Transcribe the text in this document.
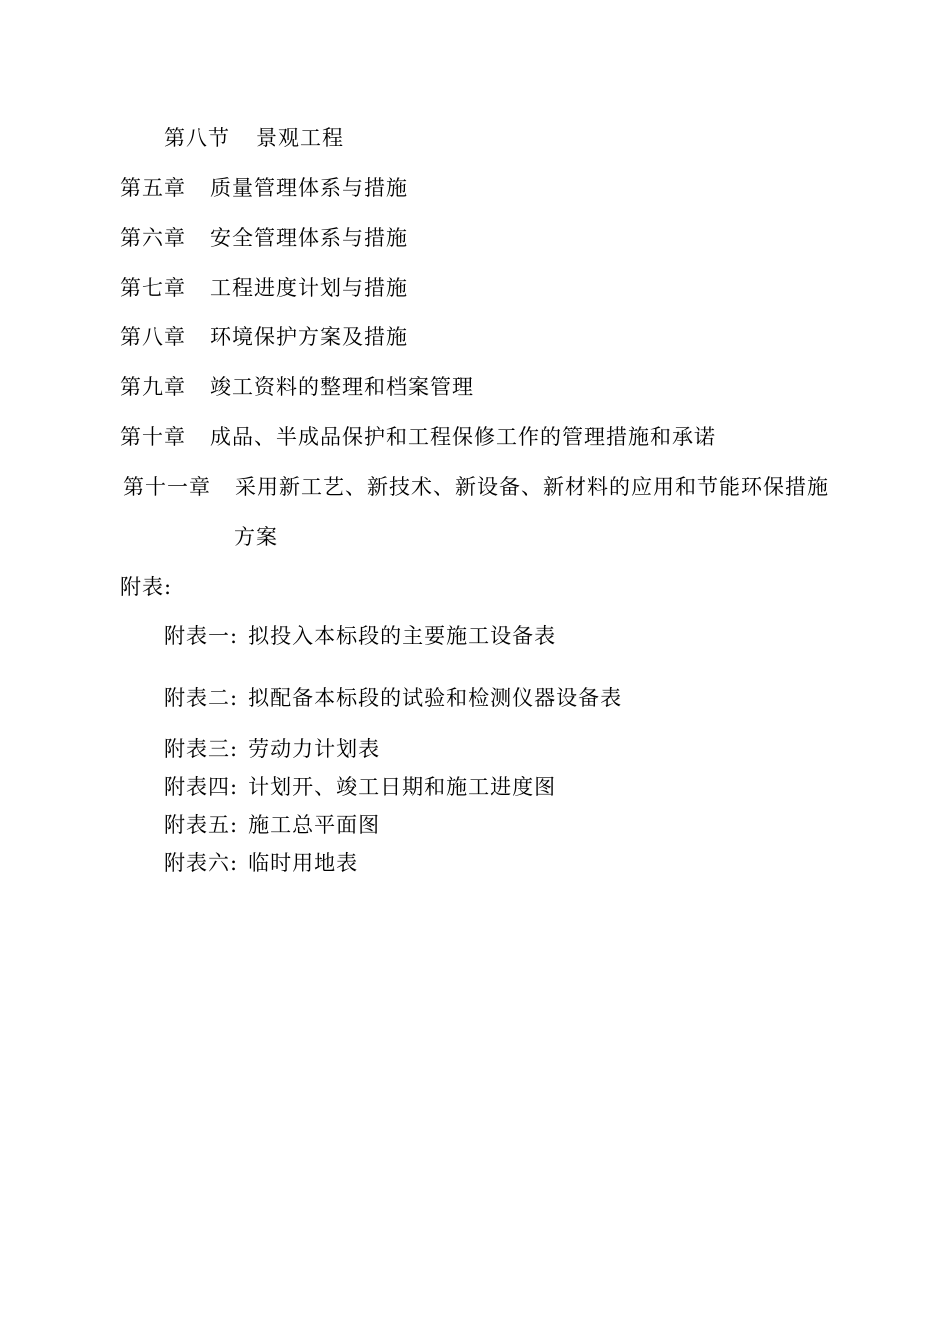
第八节 景观工程
第五章 质量管理体系与措施
第六章 安全管理体系与措施
第七章 工程进度计划与措施
第八章 环境保护方案及措施
第九章 竣工资料的整理和档案管理
第十章 成品、半成品保护和工程保修工作的管理措施和承诺
第十一章 采用新工艺、新技术、新设备、新材料的应用和节能环保措施
方案
附表:
附表一: 拟投入本标段的主要施工设备表
附表二: 拟配备本标段的试验和检测仪器设备表
附表三: 劳动力计划表
附表四: 计划开、竣工日期和施工进度图
附表五: 施工总平面图
附表六: 临时用地表
